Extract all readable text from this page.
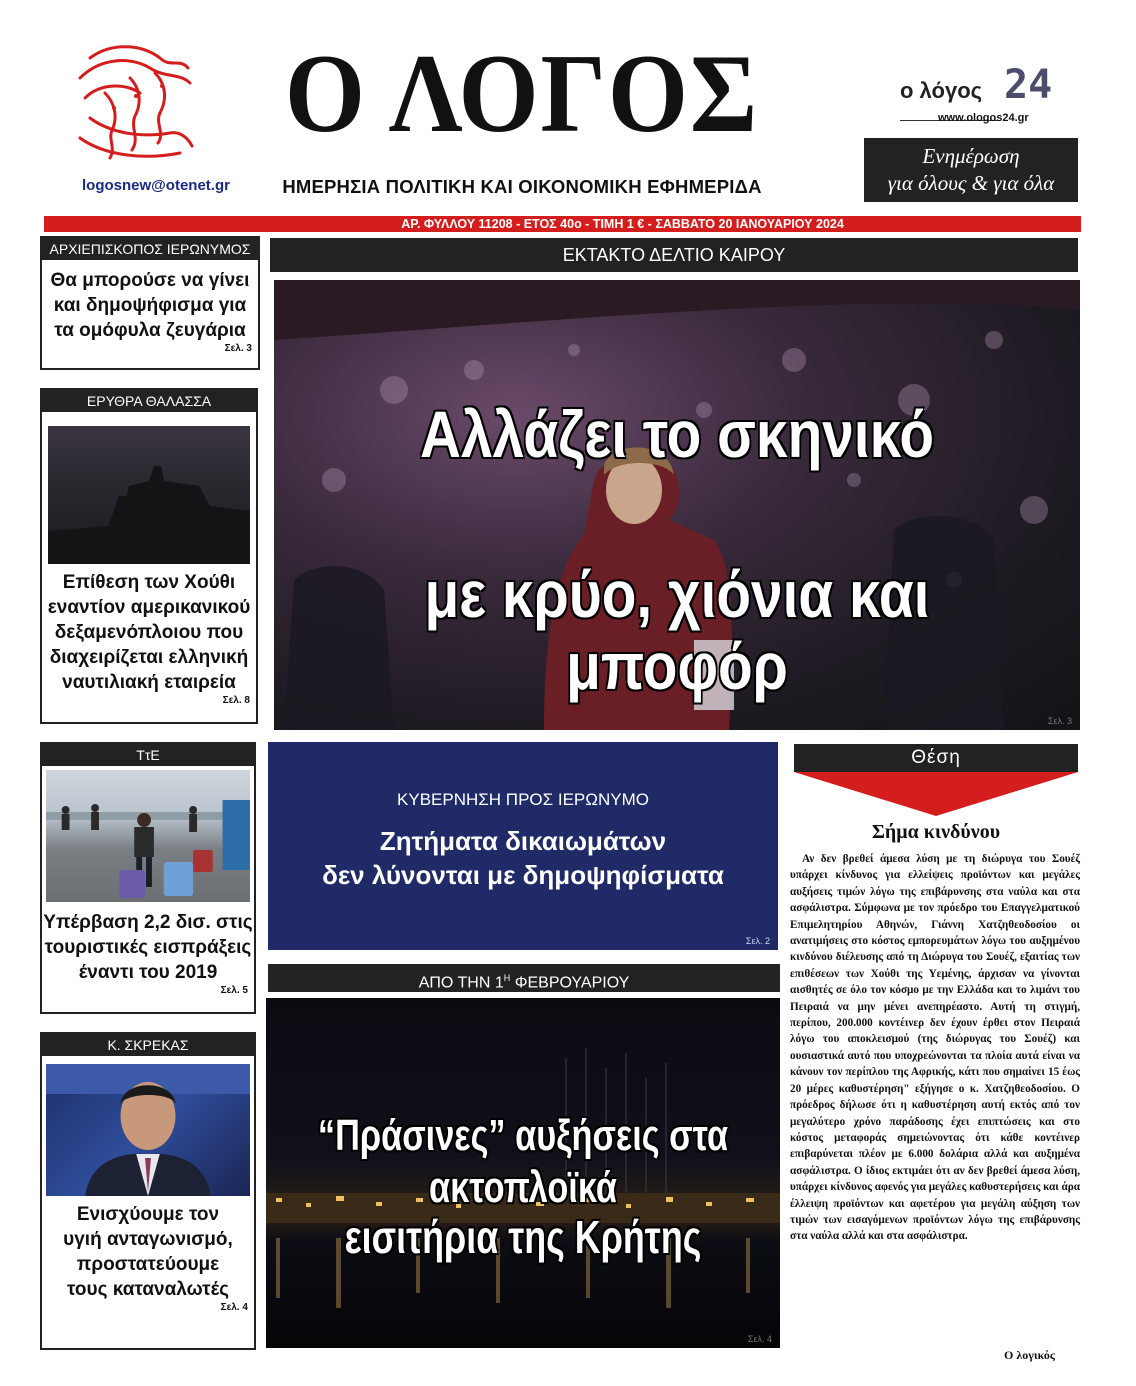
logosnew@otenet.gr
Ο ΛΟΓΟΣ
ΗΜΕΡΗΣΙΑ ΠΟΛΙΤΙΚΗ ΚΑΙ ΟΙΚΟΝΟΜΙΚΗ ΕΦΗΜΕΡΙΔΑ
ο λόγος 24
www.ologos24.gr
Ενημέρωση
για όλους & για όλα
ΑΡ. ΦΥΛΛΟΥ 11208 - ΕΤΟΣ 40ο - ΤΙΜΗ 1 € - ΣΑΒΒΑΤΟ 20 ΙΑΝΟΥΑΡΙΟΥ 2024
ΑΡΧΙΕΠΙΣΚΟΠΟΣ ΙΕΡΩΝΥΜΟΣ
Θα μπορούσε να γίνει
και δημοψήφισμα για
τα ομόφυλα ζευγάρια
Σελ. 3
ΕΡΥΘΡΑ ΘΑΛΑΣΣΑ
Επίθεση των Χούθι
εναντίον αμερικανικού
δεξαμενόπλοιου που
διαχειρίζεται ελληνική
ναυτιλιακή εταιρεία
Σελ. 8
ΤτΕ
Υπέρβαση 2,2 δισ. στις
τουριστικές εισπράξεις
έναντι του 2019
Σελ. 5
Κ. ΣΚΡΕΚΑΣ
Ενισχύουμε τον
υγιή ανταγωνισμό,
προστατεύουμε
τους καταναλωτές
Σελ. 4
ΕΚΤΑΚΤΟ ΔΕΛΤΙΟ ΚΑΙΡΟΥ
Αλλάζει το σκηνικό
με κρύο, χιόνια και μποφόρ
Σελ. 3
ΚΥΒΕΡΝΗΣΗ ΠΡΟΣ ΙΕΡΩΝΥΜΟ
Ζητήματα δικαιωμάτων
δεν λύνονται με δημοψηφίσματα
Σελ. 2
ΑΠΟ ΤΗΝ $1^H$ ΦΕΒΡΟΥΑΡΙΟΥ
“Πράσινες” αυξήσεις στα ακτοπλοϊκά
εισιτήρια της Κρήτης
Σελ. 4
Θέση
Σήμα κινδύνου
Αν δεν βρεθεί άμεσα λύση με τη διώρυγα του Σουέζ υπάρχει κίνδυνος για ελλείψεις προϊόντων και μεγάλες αυξήσεις τιμών λόγω της επιβάρυνσης στα ναύλα και στα ασφάλιστρα. Σύμφωνα με τον πρόεδρο του Επαγγελματικού Επιμελητηρίου Αθηνών, Γιάννη Χατζηθεοδοσίου οι ανατιμήσεις στο κόστος εμπορευμάτων λόγω του αυξημένου κινδύνου διέλευσης από τη Διώρυγα του Σουέζ, εξαιτίας των επιθέσεων των Χούθι της Υεμένης, άρχισαν να γίνονται αισθητές σε όλο τον κόσμο με την Ελλάδα και το λιμάνι του Πειραιά να μην μένει ανεπηρέαστο. Αυτή τη στιγμή, περίπου, 200.000 κοντέινερ δεν έχουν έρθει στον Πειραιά λόγω του αποκλεισμού (της διώρυγας του Σουέζ) και ουσιαστικά αυτό που υποχρεώνονται τα πλοία αυτά είναι να κάνουν τον περίπλου της Αφρικής, κάτι που σημαίνει 15 έως 20 μέρες καθυστέρηση" εξήγησε ο κ. Χατζηθεοδοσίου. Ο πρόεδρος δήλωσε ότι η καθυστέρηση αυτή εκτός από τον μεγαλύτερο χρόνο παράδοσης έχει επιπτώσεις και στο κόστος μεταφοράς σημειώνοντας ότι κάθε κοντέινερ επιβαρύνεται πλέον με 6.000 δολάρια αλλά και αυξημένα ασφάλιστρα. Ο ίδιος εκτιμάει ότι αν δεν βρεθεί άμεσα λύση, υπάρχει κίνδυνος αφενός για μεγάλες καθυστερήσεις και άρα έλλειψη προϊόντων και αφετέρου για μεγάλη αύξηση των τιμών των εισαγόμενων προϊόντων λόγω της επιβάρυνσης στα ναύλα αλλά και στα ασφάλιστρα.
Ο λογικός
